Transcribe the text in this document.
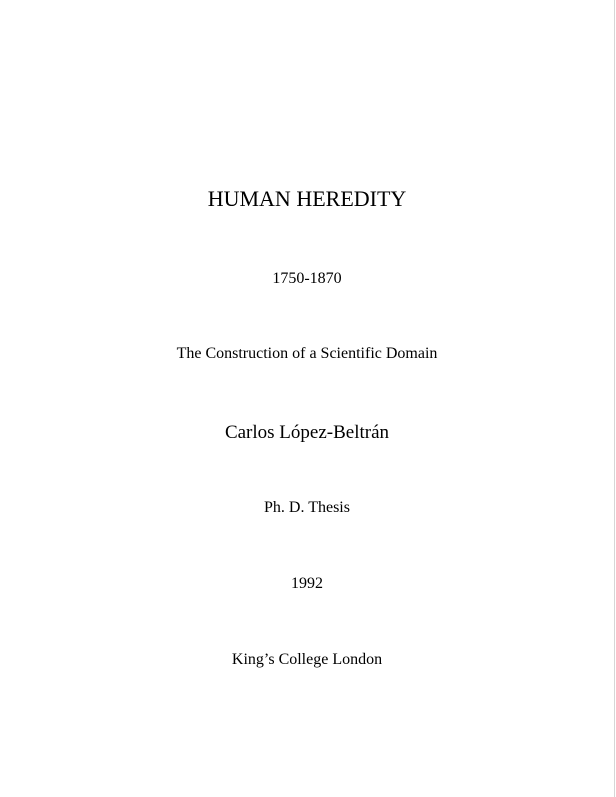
HUMAN HEREDITY
1750-1870
The Construction of a Scientific Domain
Carlos López-Beltrán
Ph. D. Thesis
1992
King’s College London
